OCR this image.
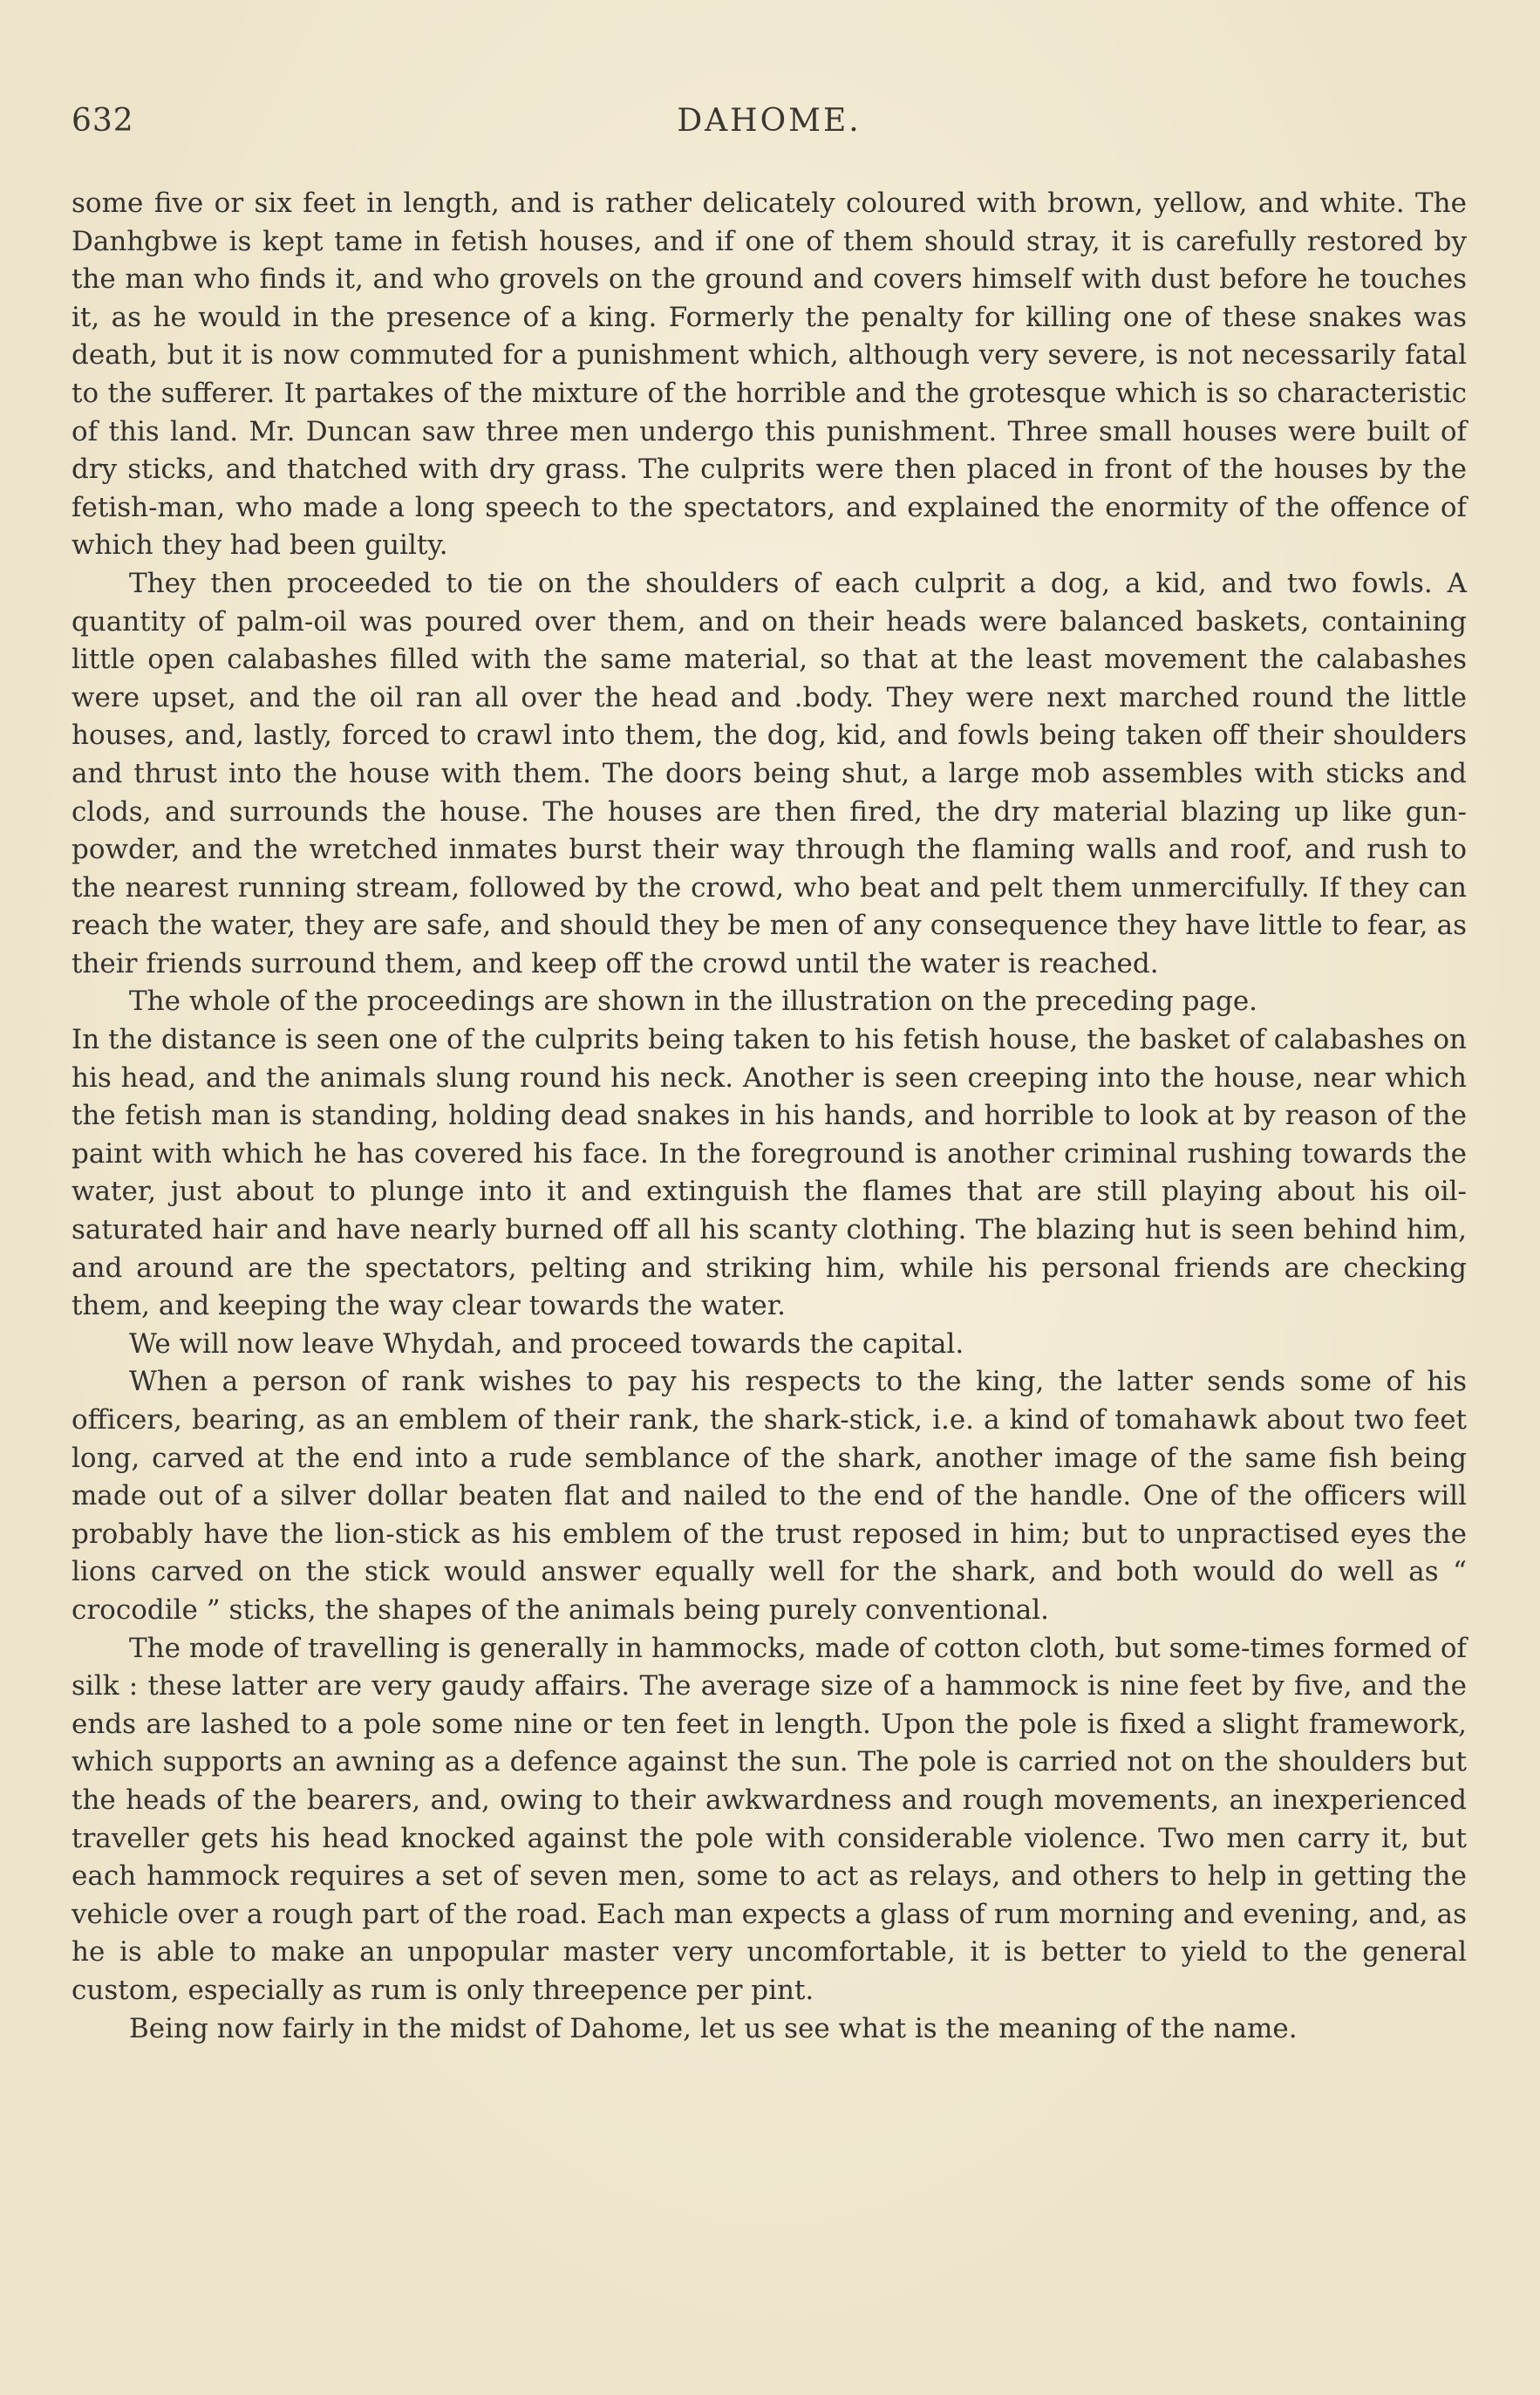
632	DAHOME.

some five or six feet in length, and is rather delicately coloured with brown, yellow, and white. The Danhgbwe is kept tame in fetish houses, and if one of them should stray, it is carefully restored by the man who finds it, and who grovels on the ground and covers himself with dust before he touches it, as he would in the presence of a king. Formerly the penalty for killing one of these snakes was death, but it is now commuted for a punishment which, although very severe, is not necessarily fatal to the sufferer. It partakes of the mixture of the horrible and the grotesque which is so characteristic of this land. Mr. Duncan saw three men undergo this punishment. Three small houses were built of dry sticks, and thatched with dry grass. The culprits were then placed in front of the houses by the fetish-man, who made a long speech to the spectators, and explained the enormity of the offence of which they had been guilty.

They then proceeded to tie on the shoulders of each culprit a dog, a kid, and two fowls. A quantity of palm-oil was poured over them, and on their heads were balanced baskets, containing little open calabashes filled with the same material, so that at the least movement the calabashes were upset, and the oil ran all over the head and .body. They were next marched round the little houses, and, lastly, forced to crawl into them, the dog, kid, and fowls being taken off their shoulders and thrust into the house with them. The doors being shut, a large mob assembles with sticks and clods, and surrounds the house. The houses are then fired, the dry material blazing up like gun-powder, and the wretched inmates burst their way through the flaming walls and roof, and rush to the nearest running stream, followed by the crowd, who beat and pelt them unmercifully. If they can reach the water, they are safe, and should they be men of any consequence they have little to fear, as their friends surround them, and keep off the crowd until the water is reached.

The whole of the proceedings are shown in the illustration on the preceding page.

In the distance is seen one of the culprits being taken to his fetish house, the basket of calabashes on his head, and the animals slung round his neck. Another is seen creeping into the house, near which the fetish man is standing, holding dead snakes in his hands, and horrible to look at by reason of the paint with which he has covered his face. In the foreground is another criminal rushing towards the water, just about to plunge into it and extinguish the flames that are still playing about his oil-saturated hair and have nearly burned off all his scanty clothing. The blazing hut is seen behind him, and around are the spectators, pelting and striking him, while his personal friends are checking them, and keeping the way clear towards the water.

We will now leave Whydah, and proceed towards the capital.

When a person of rank wishes to pay his respects to the king, the latter sends some of his officers, bearing, as an emblem of their rank, the shark-stick, i.e. a kind of tomahawk about two feet long, carved at the end into a rude semblance of the shark, another image of the same fish being made out of a silver dollar beaten flat and nailed to the end of the handle. One of the officers will probably have the lion-stick as his emblem of the trust reposed in him; but to unpractised eyes the lions carved on the stick would answer equally well for the shark, and both would do well as “ crocodile ” sticks, the shapes of the animals being purely conventional.

The mode of travelling is generally in hammocks, made of cotton cloth, but some-times formed of silk : these latter are very gaudy affairs. The average size of a hammock is nine feet by five, and the ends are lashed to a pole some nine or ten feet in length. Upon the pole is fixed a slight framework, which supports an awning as a defence against the sun. The pole is carried not on the shoulders but the heads of the bearers, and, owing to their awkwardness and rough movements, an inexperienced traveller gets his head knocked against the pole with considerable violence. Two men carry it, but each hammock requires a set of seven men, some to act as relays, and others to help in getting the vehicle over a rough part of the road. Each man expects a glass of rum morning and evening, and, as he is able to make an unpopular master very uncomfortable, it is better to yield to the general custom, especially as rum is only threepence per pint.

Being now fairly in the midst of Dahome, let us see what is the meaning of the name.
